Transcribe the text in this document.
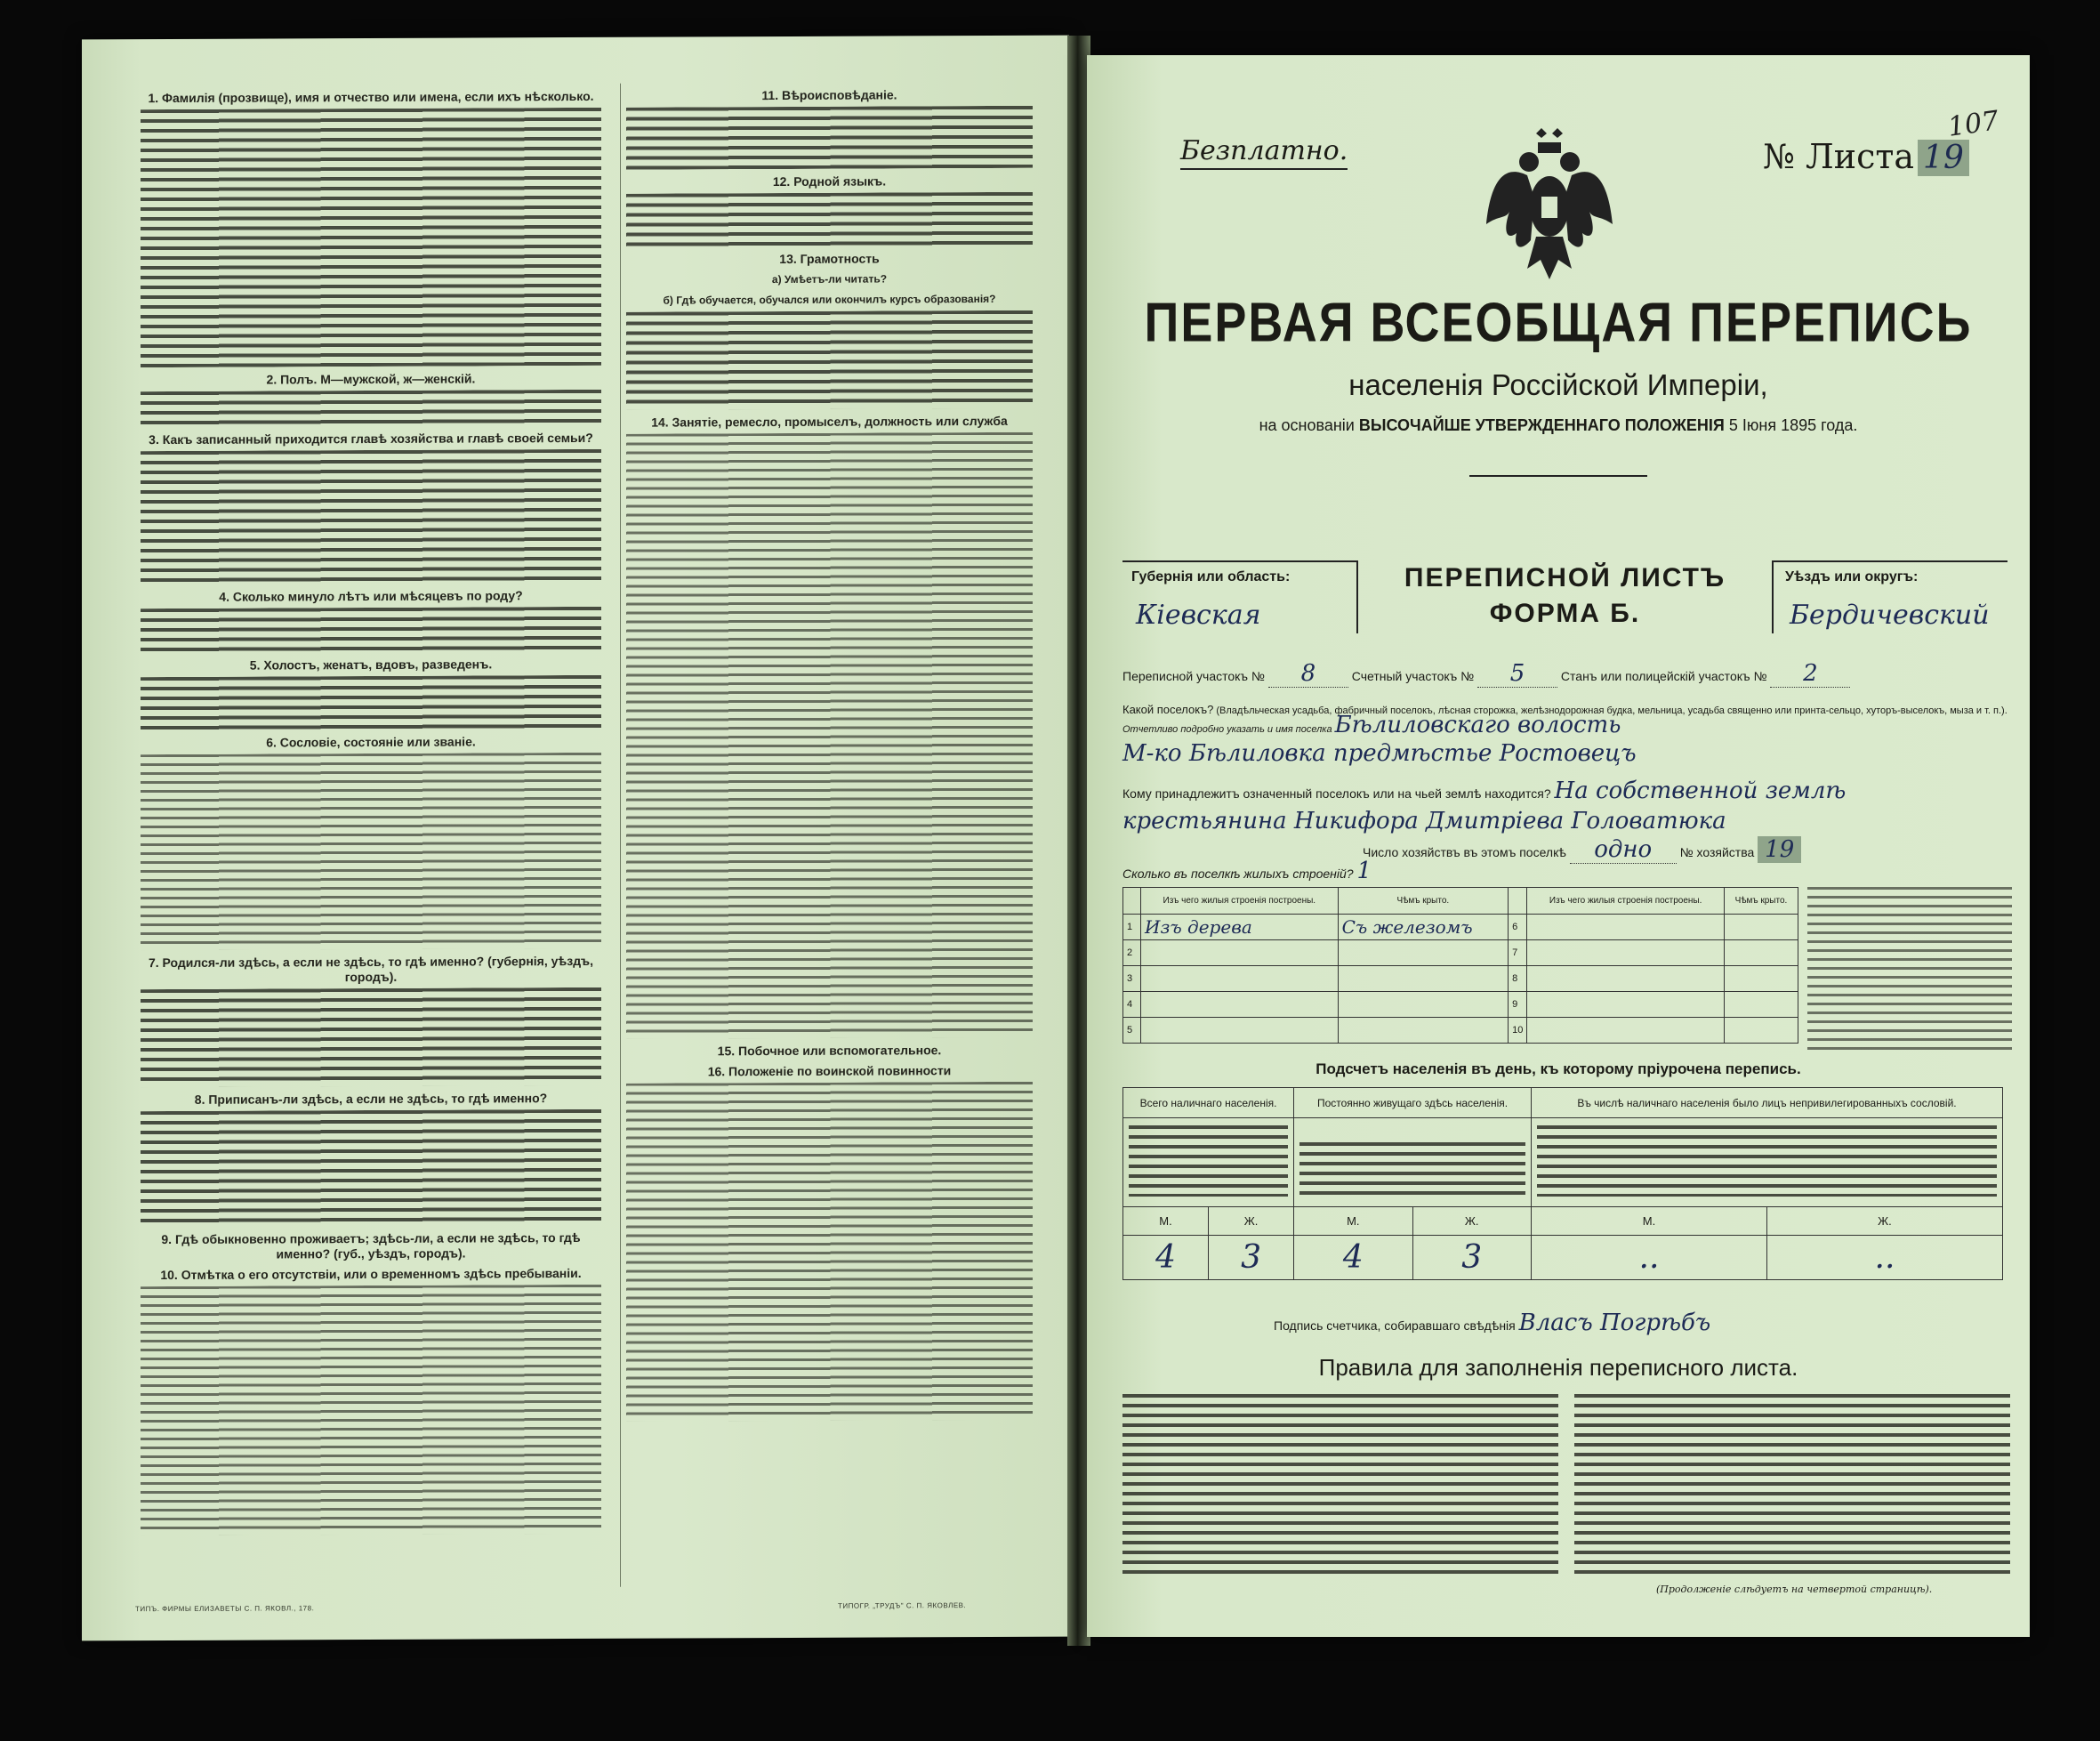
1. Фамилія (прозвище), имя и отчество или имена, если ихъ нѣсколько.
2. Полъ. М—мужской, ж—женскій.
3. Какъ записанный приходится главѣ хозяйства и главѣ своей семьи?
4. Сколько минуло лѣтъ или мѣсяцевъ по роду?
5. Холостъ, женатъ, вдовъ, разведенъ.
6. Сословіе, состояніе или званіе.
7. Родился-ли здѣсь, а если не здѣсь, то гдѣ именно? (губернія, уѣздъ, городъ).
8. Приписанъ-ли здѣсь, а если не здѣсь, то гдѣ именно?
9. Гдѣ обыкновенно проживаетъ; здѣсь-ли, а если не здѣсь, то гдѣ именно? (губ., уѣздъ, городъ).
10. Отмѣтка о его отсутствіи, или о временномъ здѣсь пребываніи.
11. Вѣроисповѣданіе.
12. Родной языкъ.
13. Грамотность
а) Умѣетъ-ли читать?
б) Гдѣ обучается, обучался или окончилъ курсъ образованія?
14. Занятіе, ремесло, промыселъ, должность или служба
15. Побочное или вспомогательное.
16. Положеніе по воинской повинности
ТИПЪ. ФИРМЫ ЕЛИЗАВЕТЫ С. П. ЯКОВЛ., 178.	ТИПОГР. „ТРУДЪ" С. П. ЯКОВЛЕВ.
Безплатно.	№ Листа 19
107
ПЕРВАЯ ВСЕОБЩАЯ ПЕРЕПИСЬ
населенія Россійской Имперіи,
на основаніи ВЫСОЧАЙШЕ УТВЕРЖДЕННАГО ПОЛОЖЕНІЯ 5 Іюня 1895 года.
Губернія или область:
Кіевская
ПЕРЕПИСНОЙ ЛИСТЪ
ФОРМА Б.
Уѣздъ или округъ:
Бердичевский
Переписной участокъ № 8	Счетный участокъ № 5	Станъ или полицейскій участокъ № 2
Какой поселокъ? (Владѣльческая усадьба, фабричный поселокъ, лѣсная сторожка, желѣзнодорожная будка, мельница, усадьба священно или принта-сельцо, хуторъ-выселокъ, мыза и т. п.). Отчетливо подробно указать и имя поселка Бѣлиловскаго волость
М-ко Бѣлиловка предмѣстье Ростовецъ
Кому принадлежитъ означенный поселокъ или на чьей землѣ находится? На собственной землѣ
крестьянина Никифора Дмитріева Головатюка
Число хозяйствъ въ этомъ поселкѣ одно № хозяйства 19
Сколько въ поселкѣ жилыхъ строеній? 1
	Изъ чего жилыя строенія построены.	Чѣмъ крыто.		Изъ чего жилыя строенія построены.	Чѣмъ крыто.
1	Изъ дерева	Съ железомъ	6		
2			7		
3			8		
4			9		
5			10		
Подсчетъ населенія въ день, къ которому пріурочена перепись.
Всего наличнаго населенія.		Постоянно живущаго здѣсь населенія.		Въ числѣ наличнаго населенія было лицъ непривилегированныхъ сословій.	

М.	Ж.	М.	Ж.	М.	Ж.
4	3	4	3	..	..
Подпись счетчика, собиравшаго свѣдѣнія Власъ Погрѣбъ
Правила для заполненія переписного листа.
(Продолженіе слѣдуетъ на четвертой страницѣ).
